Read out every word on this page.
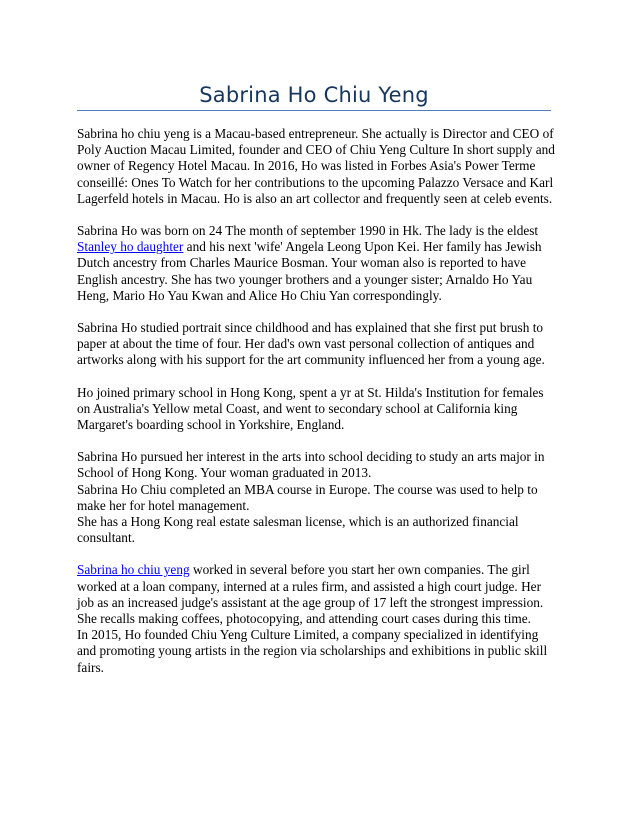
Sabrina Ho Chiu Yeng

Sabrina ho chiu yeng is a Macau-based entrepreneur. She actually is Director and CEO of Poly Auction Macau Limited, founder and CEO of Chiu Yeng Culture In short supply and owner of Regency Hotel Macau. In 2016, Ho was listed in Forbes Asia's Power Terme conseillé: Ones To Watch for her contributions to the upcoming Palazzo Versace and Karl Lagerfeld hotels in Macau. Ho is also an art collector and frequently seen at celeb events.

Sabrina Ho was born on 24 The month of september 1990 in Hk. The lady is the eldest Stanley ho daughter and his next 'wife' Angela Leong Upon Kei. Her family has Jewish Dutch ancestry from Charles Maurice Bosman. Your woman also is reported to have English ancestry. She has two younger brothers and a younger sister; Arnaldo Ho Yau Heng, Mario Ho Yau Kwan and Alice Ho Chiu Yan correspondingly.

Sabrina Ho studied portrait since childhood and has explained that she first put brush to paper at about the time of four. Her dad's own vast personal collection of antiques and artworks along with his support for the art community influenced her from a young age.

Ho joined primary school in Hong Kong, spent a yr at St. Hilda's Institution for females on Australia's Yellow metal Coast, and went to secondary school at California king Margaret's boarding school in Yorkshire, England.

Sabrina Ho pursued her interest in the arts into school deciding to study an arts major in School of Hong Kong. Your woman graduated in 2013.

Sabrina Ho Chiu completed an MBA course in Europe. The course was used to help to make her for hotel management.

She has a Hong Kong real estate salesman license, which is an authorized financial consultant.

Sabrina ho chiu yeng worked in several before you start her own companies. The girl worked at a loan company, interned at a rules firm, and assisted a high court judge. Her job as an increased judge's assistant at the age group of 17 left the strongest impression. She recalls making coffees, photocopying, and attending court cases during this time.

In 2015, Ho founded Chiu Yeng Culture Limited, a company specialized in identifying and promoting young artists in the region via scholarships and exhibitions in public skill fairs.
